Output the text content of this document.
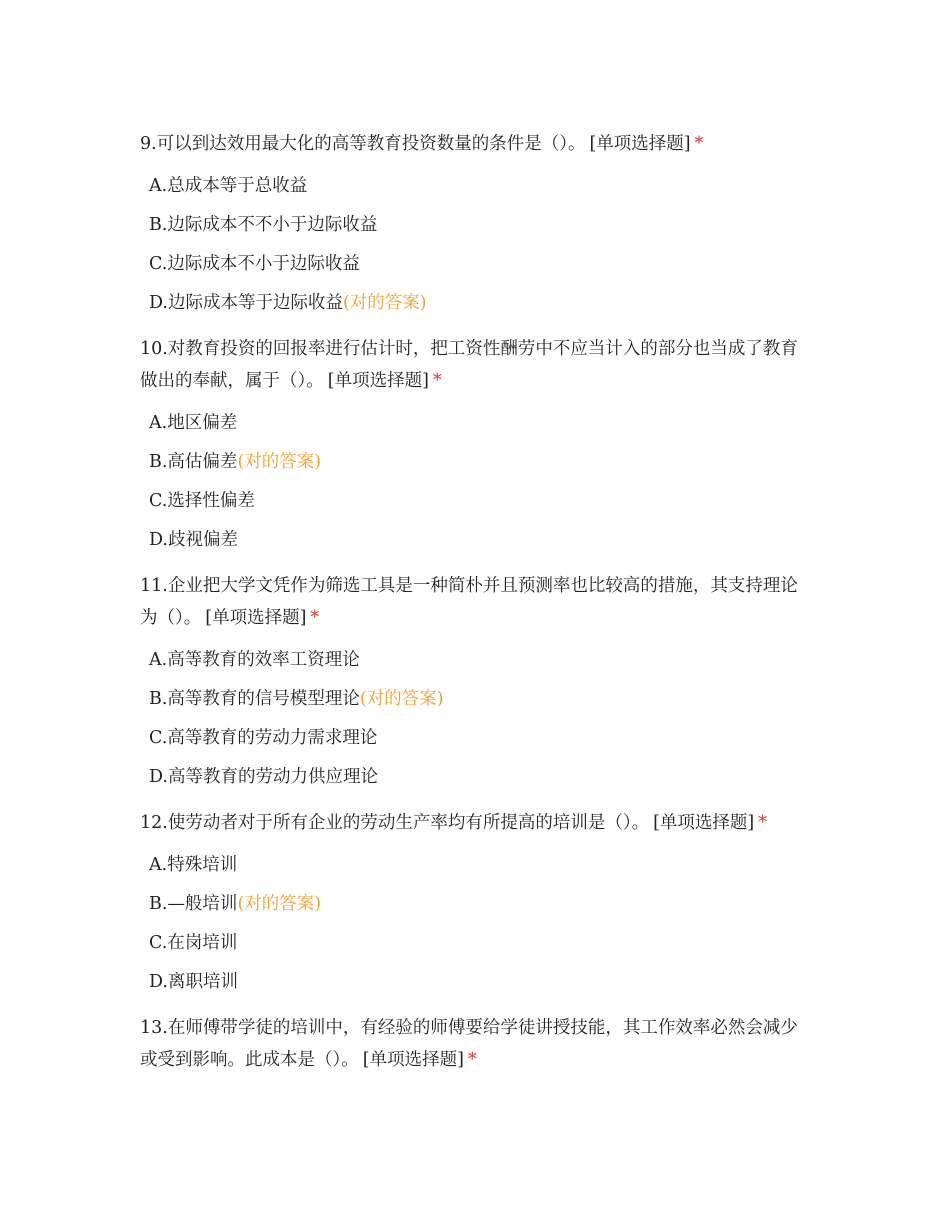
9.可以到达效用最大化的高等教育投资数量的条件是（）。 [单项选择题] *

A.总成本等于总收益
B.边际成本不不小于边际收益
C.边际成本不小于边际收益
D.边际成本等于边际收益(对的答案)

10.对教育投资的回报率进行估计时，把工资性酬劳中不应当计入的部分也当成了教育做出的奉献，属于（）。 [单项选择题] *

A.地区偏差
B.高估偏差(对的答案)
C.选择性偏差
D.歧视偏差

11.企业把大学文凭作为筛选工具是一种简朴并且预测率也比较高的措施，其支持理论为（）。 [单项选择题] *

A.高等教育的效率工资理论
B.高等教育的信号模型理论(对的答案)
C.高等教育的劳动力需求理论
D.高等教育的劳动力供应理论

12.使劳动者对于所有企业的劳动生产率均有所提高的培训是（）。 [单项选择题] *

A.特殊培训
B.—般培训(对的答案)
C.在岗培训
D.离职培训

13.在师傅带学徒的培训中，有经验的师傅要给学徒讲授技能，其工作效率必然会减少或受到影响。此成本是（）。 [单项选择题] *
